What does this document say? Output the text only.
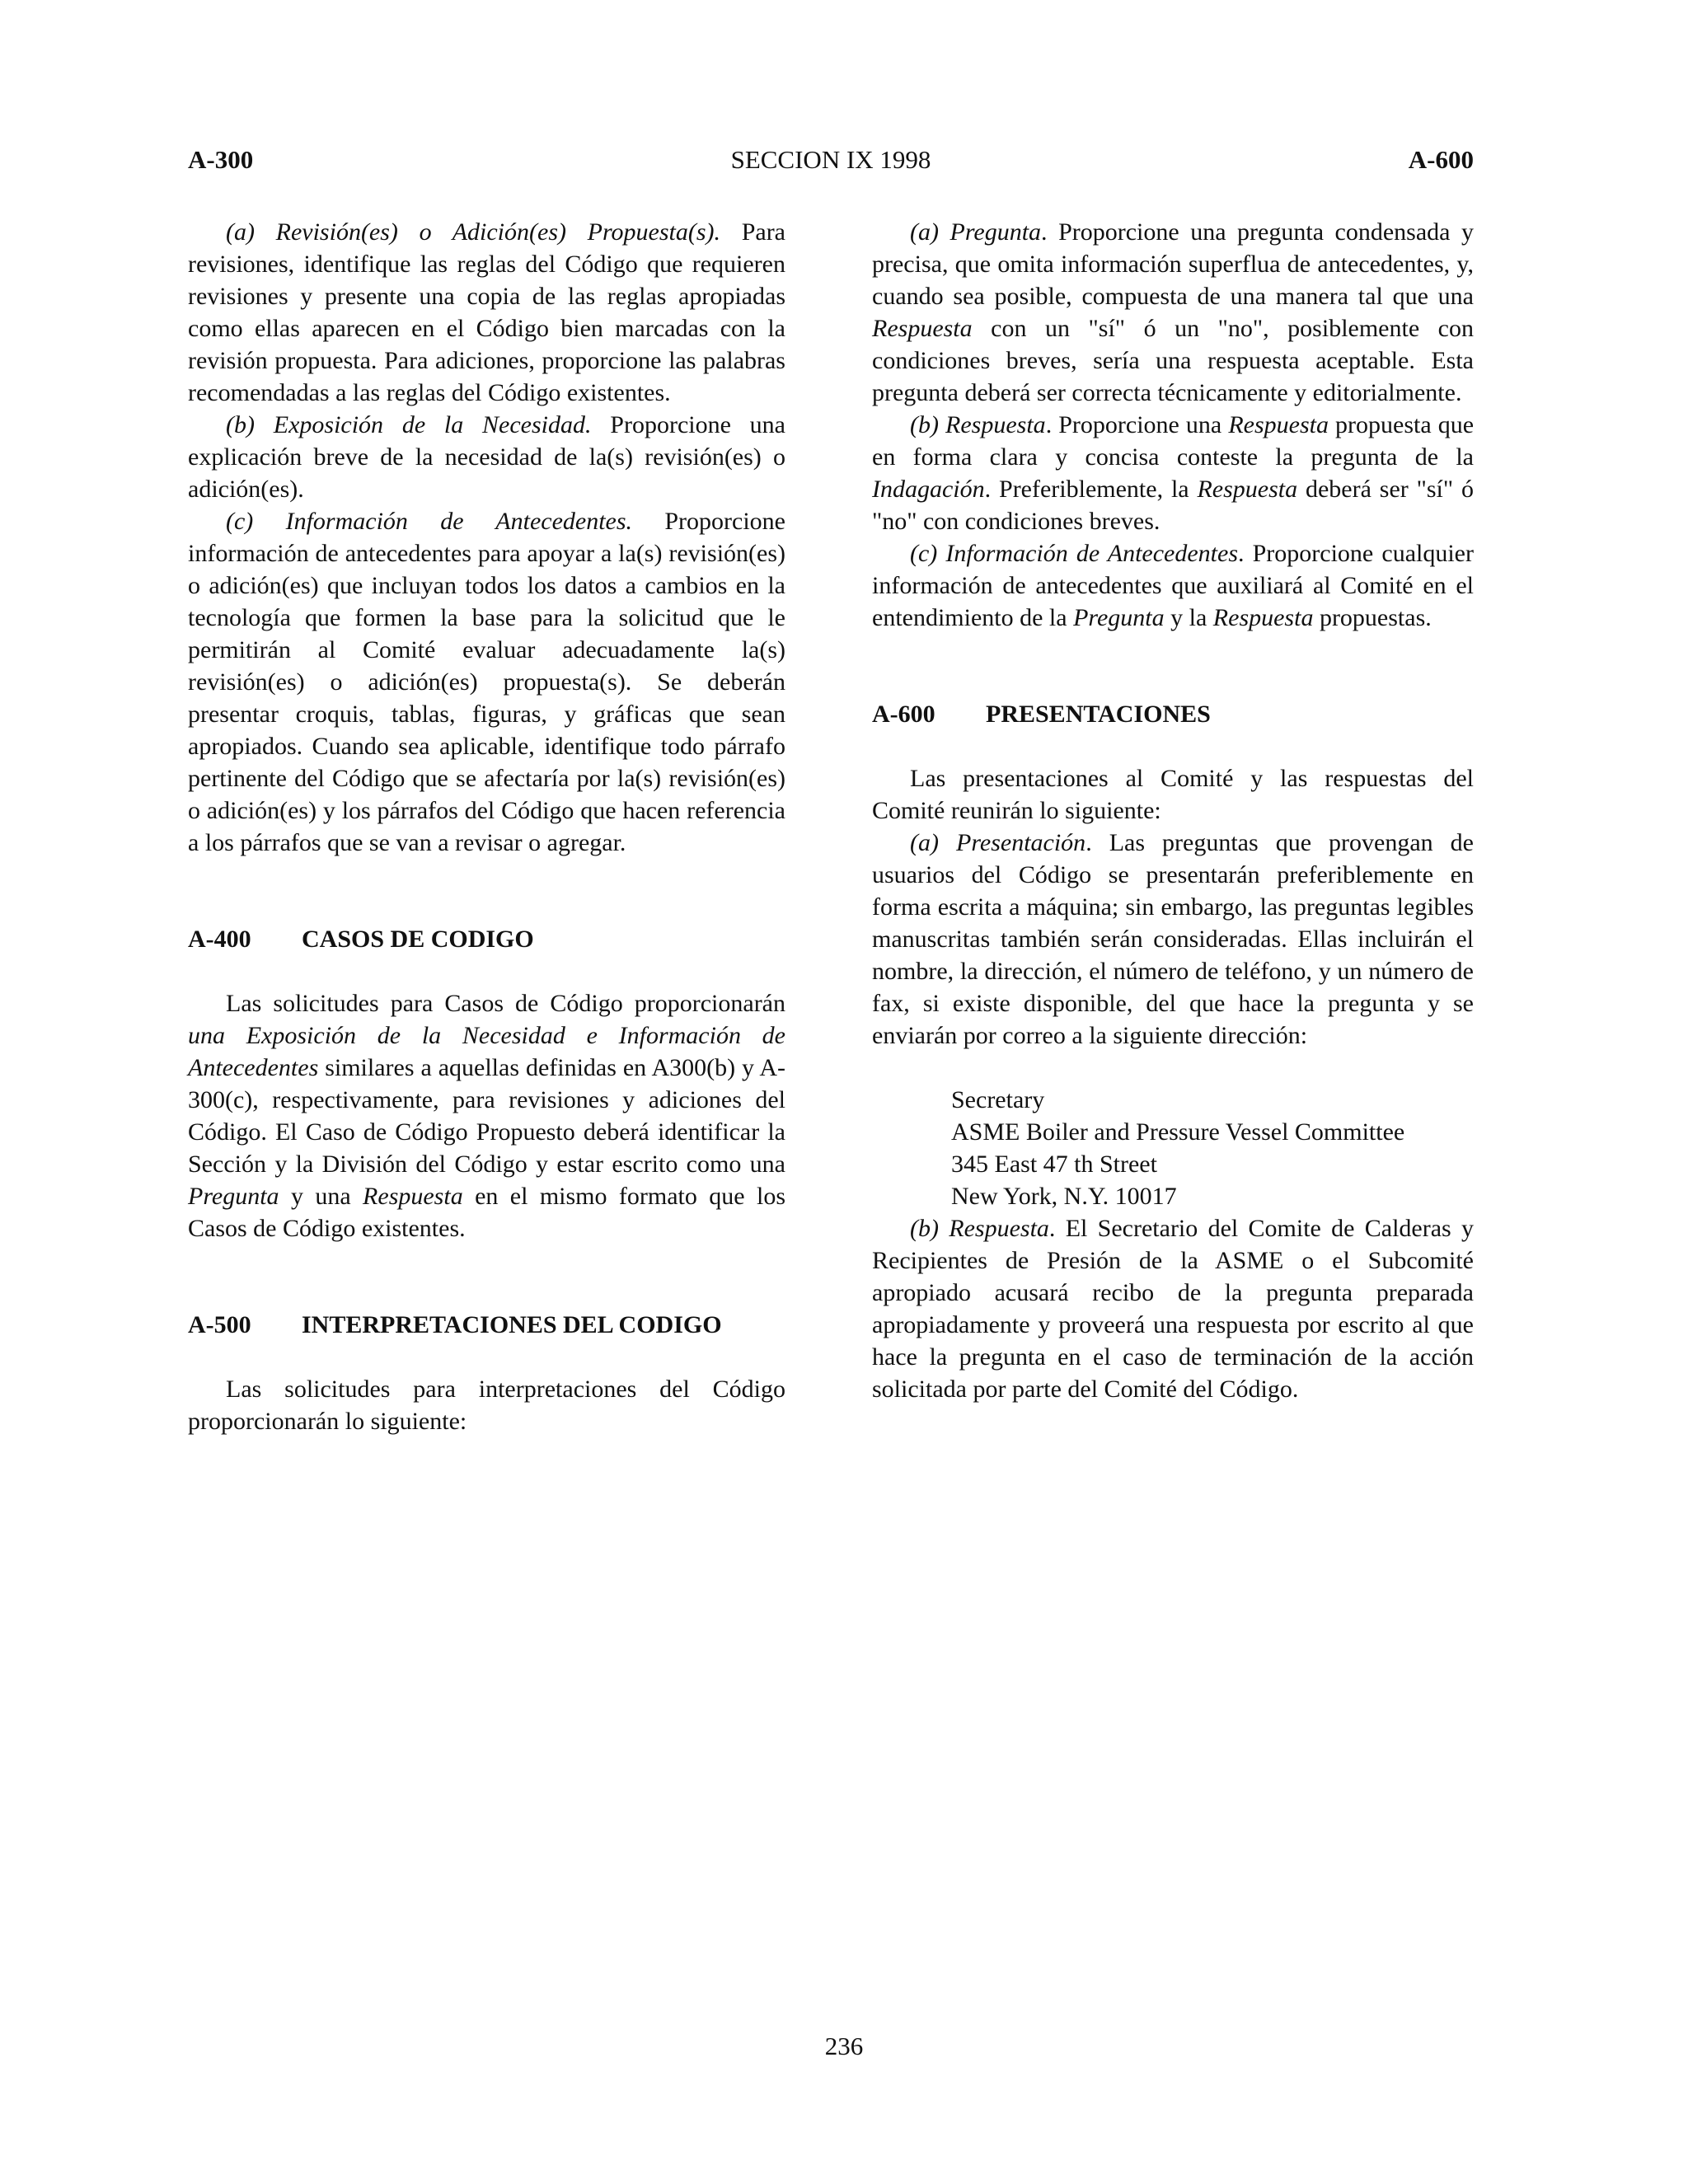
A-300	SECCION IX 1998	A-600

(a) Revisión(es) o Adición(es) Propuesta(s). Para revisiones, identifique las reglas del Código que requieren revisiones y presente una copia de las reglas apropiadas como ellas aparecen en el Código bien marcadas con la revisión propuesta. Para adiciones, proporcione las palabras recomendadas a las reglas del Código existentes.

(b) Exposición de la Necesidad. Proporcione una explicación breve de la necesidad de la(s) revisión(es) o adición(es).

(c) Información de Antecedentes. Proporcione información de antecedentes para apoyar a la(s) revisión(es) o adición(es) que incluyan todos los datos a cambios en la tecnología que formen la base para la solicitud que le permitirán al Comité evaluar adecuadamente la(s) revisión(es) o adición(es) propuesta(s). Se deberán presentar croquis, tablas, figuras, y gráficas que sean apropiados. Cuando sea aplicable, identifique todo párrafo pertinente del Código que se afectaría por la(s) revisión(es) o adición(es) y los párrafos del Código que hacen referencia a los párrafos que se van a revisar o agregar.

A-400	CASOS DE CODIGO

Las solicitudes para Casos de Código proporcionarán una Exposición de la Necesidad e Información de Antecedentes similares a aquellas definidas en A300(b) y A-300(c), respectivamente, para revisiones y adiciones del Código. El Caso de Código Propuesto deberá identificar la Sección y la División del Código y estar escrito como una Pregunta y una Respuesta en el mismo formato que los Casos de Código existentes.

A-500	INTERPRETACIONES DEL CODIGO

Las solicitudes para interpretaciones del Código proporcionarán lo siguiente:

(a) Pregunta. Proporcione una pregunta condensada y precisa, que omita información superflua de antecedentes, y, cuando sea posible, compuesta de una manera tal que una Respuesta con un "sí" ó un "no", posiblemente con condiciones breves, sería una respuesta aceptable. Esta pregunta deberá ser correcta técnicamente y editorialmente.

(b) Respuesta. Proporcione una Respuesta propuesta que en forma clara y concisa conteste la pregunta de la Indagación. Preferiblemente, la Respuesta deberá ser "sí" ó "no" con condiciones breves.

(c) Información de Antecedentes. Proporcione cualquier información de antecedentes que auxiliará al Comité en el entendimiento de la Pregunta y la Respuesta propuestas.

A-600	PRESENTACIONES

Las presentaciones al Comité y las respuestas del Comité reunirán lo siguiente:

(a) Presentación. Las preguntas que provengan de usuarios del Código se presentarán preferiblemente en forma escrita a máquina; sin embargo, las preguntas legibles manuscritas también serán consideradas. Ellas incluirán el nombre, la dirección, el número de teléfono, y un número de fax, si existe disponible, del que hace la pregunta y se enviarán por correo a la siguiente dirección:

Secretary
ASME Boiler and Pressure Vessel Committee
345 East 47 th Street
New York, N.Y. 10017

(b) Respuesta. El Secretario del Comite de Calderas y Recipientes de Presión de la ASME o el Subcomité apropiado acusará recibo de la pregunta preparada apropiadamente y proveerá una respuesta por escrito al que hace la pregunta en el caso de terminación de la acción solicitada por parte del Comité del Código.

236
